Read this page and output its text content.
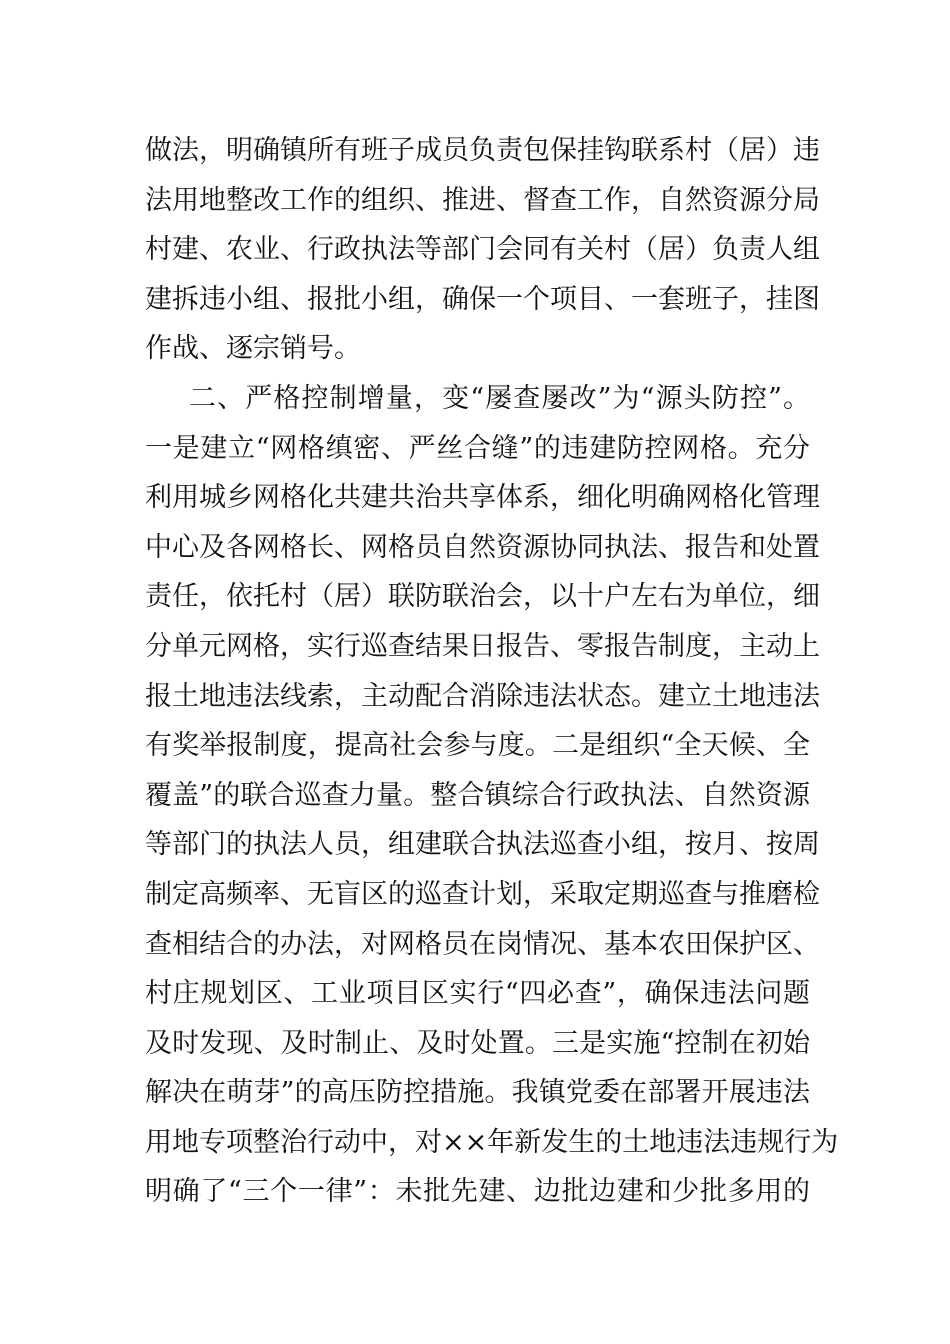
做法，明确镇所有班子成员负责包保挂钩联系村（居）违
法用地整改工作的组织、推进、督查工作，自然资源分局
村建、农业、行政执法等部门会同有关村（居）负责人组
建拆违小组、报批小组，确保一个项目、一套班子，挂图
作战、逐宗销号。
二、严格控制增量，变“屡查屡改”为“源头防控”。
一是建立“网格缜密、严丝合缝”的违建防控网格。充分
利用城乡网格化共建共治共享体系，细化明确网格化管理
中心及各网格长、网格员自然资源协同执法、报告和处置
责任，依托村（居）联防联治会，以十户左右为单位，细
分单元网格，实行巡查结果日报告、零报告制度，主动上
报土地违法线索，主动配合消除违法状态。建立土地违法
有奖举报制度，提高社会参与度。二是组织“全天候、全
覆盖”的联合巡查力量。整合镇综合行政执法、自然资源
等部门的执法人员，组建联合执法巡查小组，按月、按周
制定高频率、无盲区的巡查计划，采取定期巡查与推磨检
查相结合的办法，对网格员在岗情况、基本农田保护区、
村庄规划区、工业项目区实行“四必查”，确保违法问题
及时发现、及时制止、及时处置。三是实施“控制在初始
解决在萌芽”的高压防控措施。我镇党委在部署开展违法
用地专项整治行动中，对××年新发生的土地违法违规行为
明确了“三个一律”：未批先建、边批边建和少批多用的
